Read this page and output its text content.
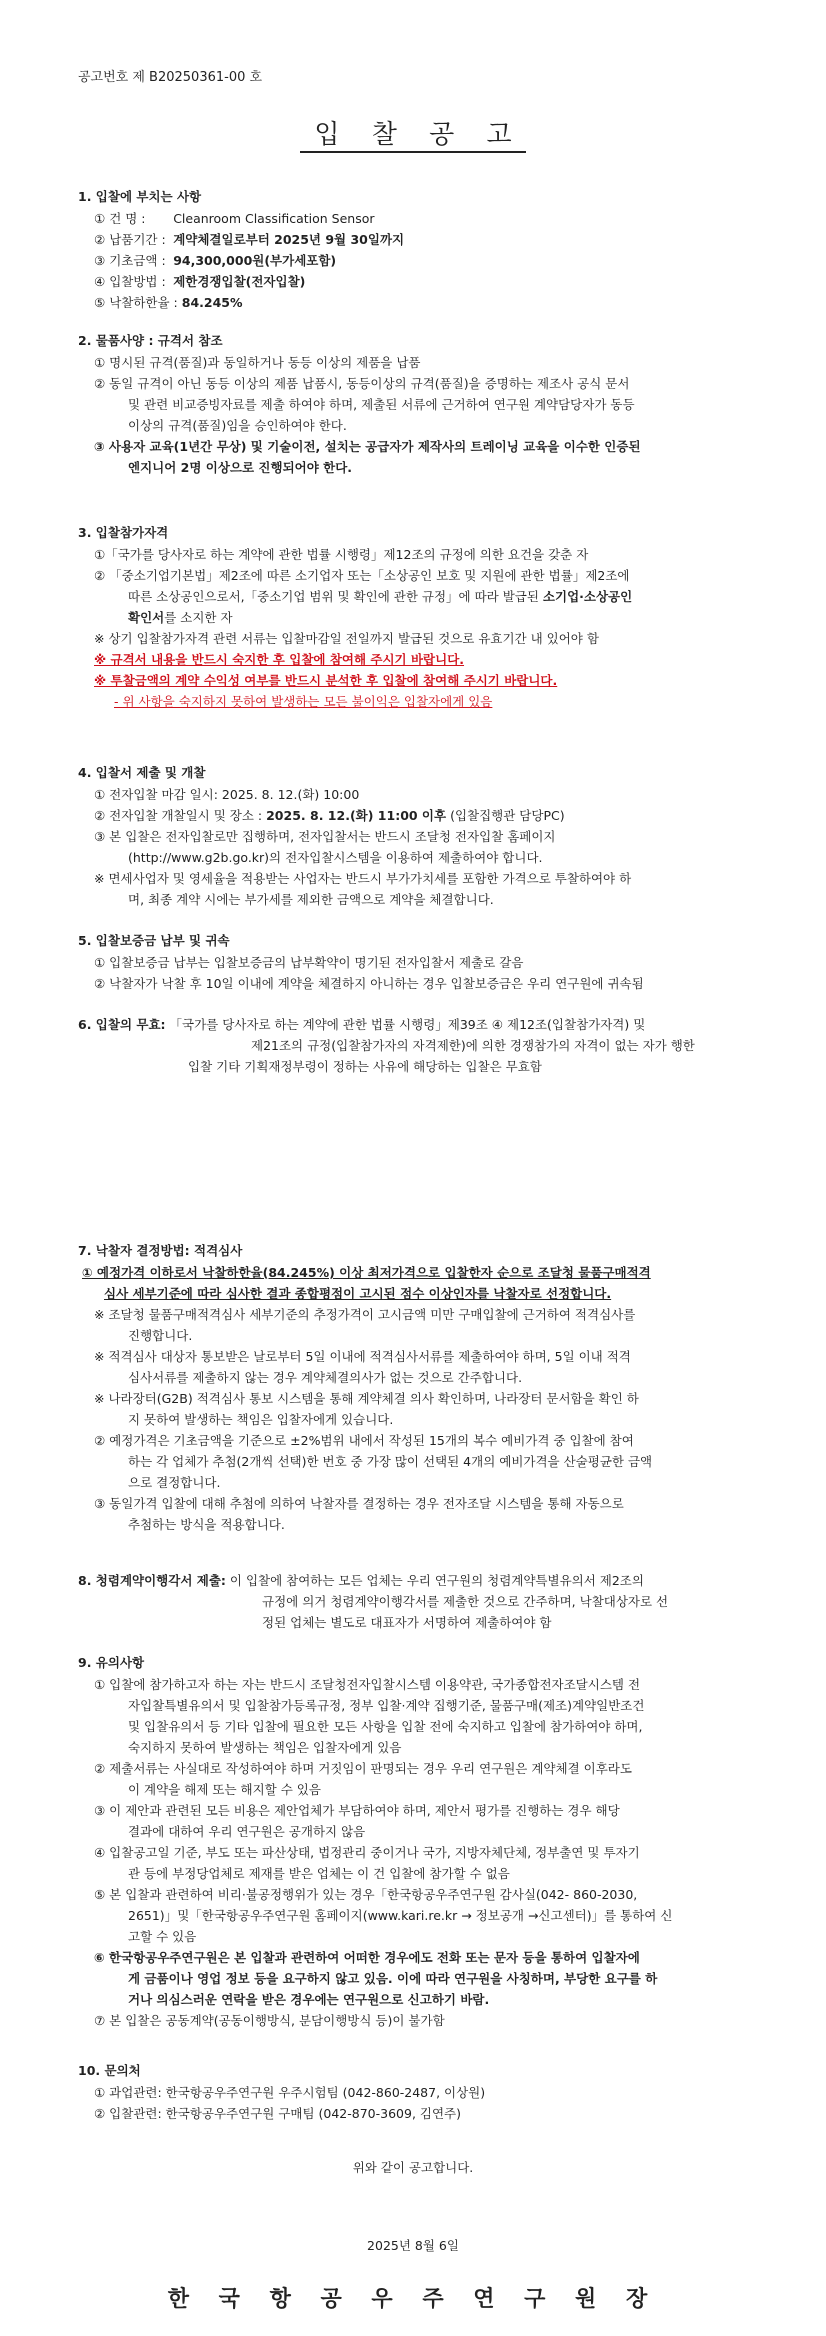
공고번호 제 B20250361-00 호
입 찰 공 고
1. 입찰에 부치는 사항
① 건 명 : Cleanroom Classification Sensor
② 납품기간 : 계약체결일로부터 2025년 9월 30일까지
③ 기초금액 : 94,300,000원(부가세포함)
④ 입찰방법 : 제한경쟁입찰(전자입찰)
⑤ 낙찰하한율 : 84.245%
2. 물품사양 : 규격서 참조
① 명시된 규격(품질)과 동일하거나 동등 이상의 제품을 납품
② 동일 규격이 아닌 동등 이상의 제품 납품시, 동등이상의 규격(품질)을 증명하는 제조사 공식 문서
및 관련 비교증빙자료를 제출 하여야 하며, 제출된 서류에 근거하여 연구원 계약담당자가 동등
이상의 규격(품질)임을 승인하여야 한다.
③ 사용자 교육(1년간 무상) 및 기술이전, 설치는 공급자가 제작사의 트레이닝 교육을 이수한 인증된
엔지니어 2명 이상으로 진행되어야 한다.
3. 입찰참가자격
①「국가를 당사자로 하는 계약에 관한 법률 시행령」제12조의 규정에 의한 요건을 갖춘 자
② 「중소기업기본법」제2조에 따른 소기업자 또는「소상공인 보호 및 지원에 관한 법률」제2조에
따른 소상공인으로서,「중소기업 범위 및 확인에 관한 규정」에 따라 발급된 소기업·소상공인
확인서를 소지한 자
※ 상기 입찰참가자격 관련 서류는 입찰마감일 전일까지 발급된 것으로 유효기간 내 있어야 함
※ 규격서 내용을 반드시 숙지한 후 입찰에 참여해 주시기 바랍니다.
※ 투찰금액의 계약 수익성 여부를 반드시 분석한 후 입찰에 참여해 주시기 바랍니다.
- 위 사항을 숙지하지 못하여 발생하는 모든 불이익은 입찰자에게 있음
4. 입찰서 제출 및 개찰
① 전자입찰 마감 일시: 2025. 8. 12.(화) 10:00
② 전자입찰 개찰일시 및 장소 : 2025. 8. 12.(화) 11:00 이후 (입찰집행관 담당PC)
③ 본 입찰은 전자입찰로만 집행하며, 전자입찰서는 반드시 조달청 전자입찰 홈페이지
(http://www.g2b.go.kr)의 전자입찰시스템을 이용하여 제출하여야 합니다.
※ 면세사업자 및 영세율을 적용받는 사업자는 반드시 부가가치세를 포함한 가격으로 투찰하여야 하
며, 최종 계약 시에는 부가세를 제외한 금액으로 계약을 체결합니다.
5. 입찰보증금 납부 및 귀속
① 입찰보증금 납부는 입찰보증금의 납부확약이 명기된 전자입찰서 제출로 갈음
② 낙찰자가 낙찰 후 10일 이내에 계약을 체결하지 아니하는 경우 입찰보증금은 우리 연구원에 귀속됨
6. 입찰의 무효: 「국가를 당사자로 하는 계약에 관한 법률 시행령」제39조 ④ 제12조(입찰참가자격) 및
제21조의 규정(입찰참가자의 자격제한)에 의한 경쟁참가의 자격이 없는 자가 행한
입찰 기타 기획재정부령이 정하는 사유에 해당하는 입찰은 무효함
7. 낙찰자 결정방법: 적격심사
① 예정가격 이하로서 낙찰하한율(84.245%) 이상 최저가격으로 입찰한자 순으로 조달청 물품구매적격
심사 세부기준에 따라 심사한 결과 종합평점이 고시된 점수 이상인자를 낙찰자로 선정합니다.
※ 조달청 물품구매적격심사 세부기준의 추정가격이 고시금액 미만 구매입찰에 근거하여 적격심사를
진행합니다.
※ 적격심사 대상자 통보받은 날로부터 5일 이내에 적격심사서류를 제출하여야 하며, 5일 이내 적격
심사서류를 제출하지 않는 경우 계약체결의사가 없는 것으로 간주합니다.
※ 나라장터(G2B) 적격심사 통보 시스템을 통해 계약체결 의사 확인하며, 나라장터 문서함을 확인 하
지 못하여 발생하는 책임은 입찰자에게 있습니다.
② 예정가격은 기초금액을 기준으로 ±2%범위 내에서 작성된 15개의 복수 예비가격 중 입찰에 참여
하는 각 업체가 추첨(2개씩 선택)한 번호 중 가장 많이 선택된 4개의 예비가격을 산술평균한 금액
으로 결정합니다.
③ 동일가격 입찰에 대해 추첨에 의하여 낙찰자를 결정하는 경우 전자조달 시스템을 통해 자동으로
추첨하는 방식을 적용합니다.
8. 청렴계약이행각서 제출: 이 입찰에 참여하는 모든 업체는 우리 연구원의 청렴계약특별유의서 제2조의
규정에 의거 청렴계약이행각서를 제출한 것으로 간주하며, 낙찰대상자로 선
정된 업체는 별도로 대표자가 서명하여 제출하여야 함
9. 유의사항
① 입찰에 참가하고자 하는 자는 반드시 조달청전자입찰시스템 이용약관, 국가종합전자조달시스템 전
자입찰특별유의서 및 입찰참가등록규정, 정부 입찰·계약 집행기준, 물품구매(제조)계약일반조건
및 입찰유의서 등 기타 입찰에 필요한 모든 사항을 입찰 전에 숙지하고 입찰에 참가하여야 하며,
숙지하지 못하여 발생하는 책임은 입찰자에게 있음
② 제출서류는 사실대로 작성하여야 하며 거짓임이 판명되는 경우 우리 연구원은 계약체결 이후라도
이 계약을 해제 또는 해지할 수 있음
③ 이 제안과 관련된 모든 비용은 제안업체가 부담하여야 하며, 제안서 평가를 진행하는 경우 해당
결과에 대하여 우리 연구원은 공개하지 않음
④ 입찰공고일 기준, 부도 또는 파산상태, 법정관리 중이거나 국가, 지방자체단체, 정부출연 및 투자기
관 등에 부정당업체로 제재를 받은 업체는 이 건 입찰에 참가할 수 없음
⑤ 본 입찰과 관련하여 비리·불공정행위가 있는 경우「한국항공우주연구원 감사실(042- 860-2030,
2651)」및「한국항공우주연구원 홈페이지(www.kari.re.kr → 정보공개 →신고센터)」를 통하여 신
고할 수 있음
⑥ 한국항공우주연구원은 본 입찰과 관련하여 어떠한 경우에도 전화 또는 문자 등을 통하여 입찰자에
게 금품이나 영업 정보 등을 요구하지 않고 있음. 이에 따라 연구원을 사칭하며, 부당한 요구를 하
거나 의심스러운 연락을 받은 경우에는 연구원으로 신고하기 바람.
⑦ 본 입찰은 공동계약(공동이행방식, 분담이행방식 등)이 불가함
10. 문의처
① 과업관련: 한국항공우주연구원 우주시험팀 (042-860-2487, 이상원)
② 입찰관련: 한국항공우주연구원 구매팀 (042-870-3609, 김연주)
위와 같이 공고합니다.
2025년 8월 6일
한 국 항 공 우 주 연 구 원 장
